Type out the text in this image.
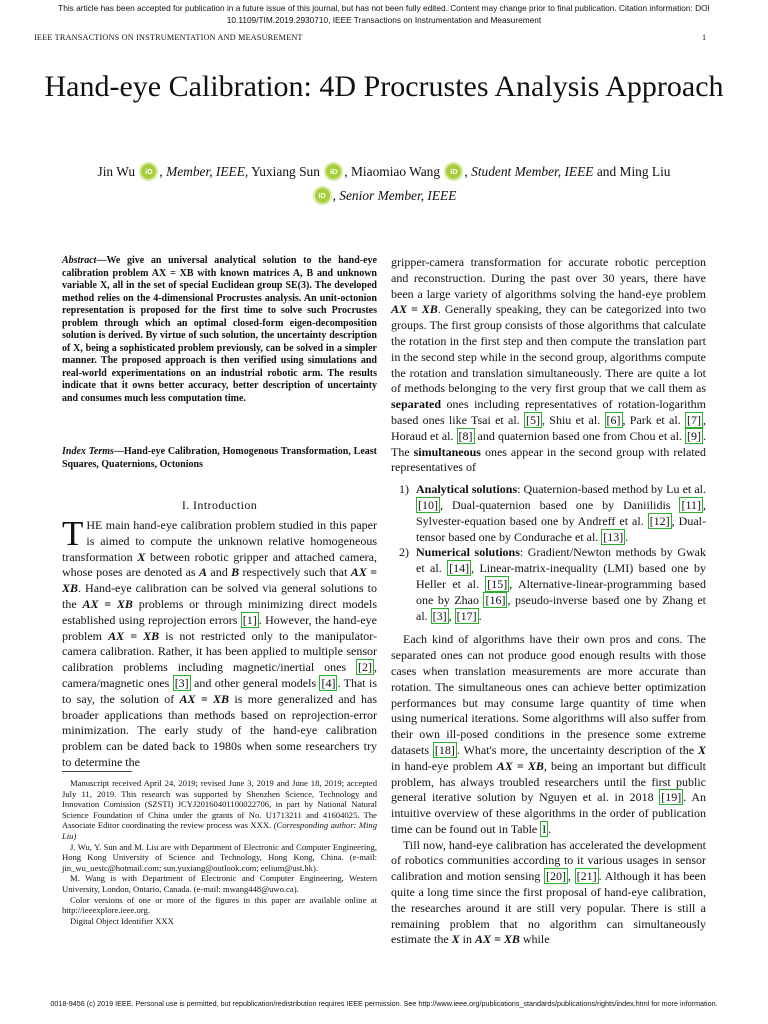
This article has been accepted for publication in a future issue of this journal, but has not been fully edited. Content may change prior to final publication. Citation information: DOI 10.1109/TIM.2019.2930710, IEEE Transactions on Instrumentation and Measurement
IEEE TRANSACTIONS ON INSTRUMENTATION AND MEASUREMENT	1
Hand-eye Calibration: 4D Procrustes Analysis Approach
Jin Wu iD , Member, IEEE, Yuxiang Sun iD , Miaomiao Wang iD , Student Member, IEEE and Ming Liu
iD , Senior Member, IEEE
Abstract—We give an universal analytical solution to the hand-eye calibration problem AX = XB with known matrices A, B and unknown variable X, all in the set of special Euclidean group SE(3). The developed method relies on the 4-dimensional Procrustes analysis. An unit-octonion representation is proposed for the first time to solve such Procrustes problem through which an optimal closed-form eigen-decomposition solution is derived. By virtue of such solution, the uncertainty description of X, being a sophisticated problem previously, can be solved in a simpler manner. The proposed approach is then verified using simulations and real-world experimentations on an industrial robotic arm. The results indicate that it owns better accuracy, better description of uncertainty and consumes much less computation time.
Index Terms—Hand-eye Calibration, Homogenous Transformation, Least Squares, Quaternions, Octonions
I. Introduction
THE main hand-eye calibration problem studied in this paper is aimed to compute the unknown relative homogeneous transformation X between robotic gripper and attached camera, whose poses are denoted as A and B respectively such that AX = XB. Hand-eye calibration can be solved via general solutions to the AX = XB problems or through minimizing direct models established using reprojection errors [1] . However, the hand-eye problem AX = XB is not restricted only to the manipulator-camera calibration. Rather, it has been applied to multiple sensor calibration problems including magnetic/inertial ones [2] , camera/magnetic ones [3] and other general models [4] . That is to say, the solution of AX = XB is more generalized and has broader applications than methods based on reprojection-error minimization. The early study of the hand-eye calibration problem can be dated back to 1980s when some researchers try to determine the

Manuscript received April 24, 2019; revised June 3, 2019 and June 18, 2019; accepted July 11, 2019. This research was supported by Shenzhen Science, Technology and Innovation Comission (SZSTI) JCYJ20160401100022706, in part by National Natural Science Foundation of China under the grants of No. U1713211 and 41604025. The Associate Editor coordinating the review process was XXX. (Corresponding author: Ming Liu)

J. Wu, Y. Sun and M. Liu are with Department of Electronic and Computer Engineering, Hong Kong University of Science and Technology, Hong Kong, China. (e-mail: jin_wu_uestc@hotmail.com; sun.yuxiang@outlook.com; eelium@ust.hk).

M. Wang is with Department of Electronic and Computer Engineering, Western University, London, Ontario, Canada. (e-mail: mwang448@uwo.ca).

Color versions of one or more of the figures in this paper are available online at http://ieeexplore.ieee.org.

Digital Object Identifier XXX

gripper-camera transformation for accurate robotic perception and reconstruction. During the past over 30 years, there have been a large variety of algorithms solving the hand-eye problem AX = XB. Generally speaking, they can be categorized into two groups. The first group consists of those algorithms that calculate the rotation in the first step and then compute the translation part in the second step while in the second group, algorithms compute the rotation and translation simultaneously. There are quite a lot of methods belonging to the very first group that we call them as separated ones including representatives of rotation-logarithm based ones like Tsai et al. [5] , Shiu et al. [6] , Park et al. [7] , Horaud et al. [8] and quaternion based one from Chou et al. [9] . The simultaneous ones appear in the second group with related representatives of

1) Analytical solutions: Quaternion-based method by Lu et al. [10] , Dual-quaternion based one by Daniilidis [11] , Sylvester-equation based one by Andreff et al. [12] , Dual-tensor based one by Condurache et al. [13] .
2) Numerical solutions: Gradient/Newton methods by Gwak et al. [14] , Linear-matrix-inequality (LMI) based one by Heller et al. [15] , Alternative-linear-programming based one by Zhao [16] , pseudo-inverse based one by Zhang et al. [3] , [17] .

Each kind of algorithms have their own pros and cons. The separated ones can not produce good enough results with those cases when translation measurements are more accurate than rotation. The simultaneous ones can achieve better optimization performances but may consume large quantity of time when using numerical iterations. Some algorithms will also suffer from their own ill-posed conditions in the presence some extreme datasets [18] . What's more, the uncertainty description of the X in hand-eye problem AX = XB, being an important but difficult problem, has always troubled researchers until the first public general iterative solution by Nguyen et al. in 2018 [19] . An intuitive overview of these algorithms in the order of publication time can be found out in Table I .

Till now, hand-eye calibration has accelerated the development of robotics communities according to it various usages in sensor calibration and motion sensing [20] , [21] . Although it has been quite a long time since the first proposal of hand-eye calibration, the researches around it are still very popular. There is still a remaining problem that no algorithm can simultaneously estimate the X in AX = XB while

0018-9456 (c) 2019 IEEE. Personal use is permitted, but republication/redistribution requires IEEE permission. See http://www.ieee.org/publications_standards/publications/rights/index.html for more information.
